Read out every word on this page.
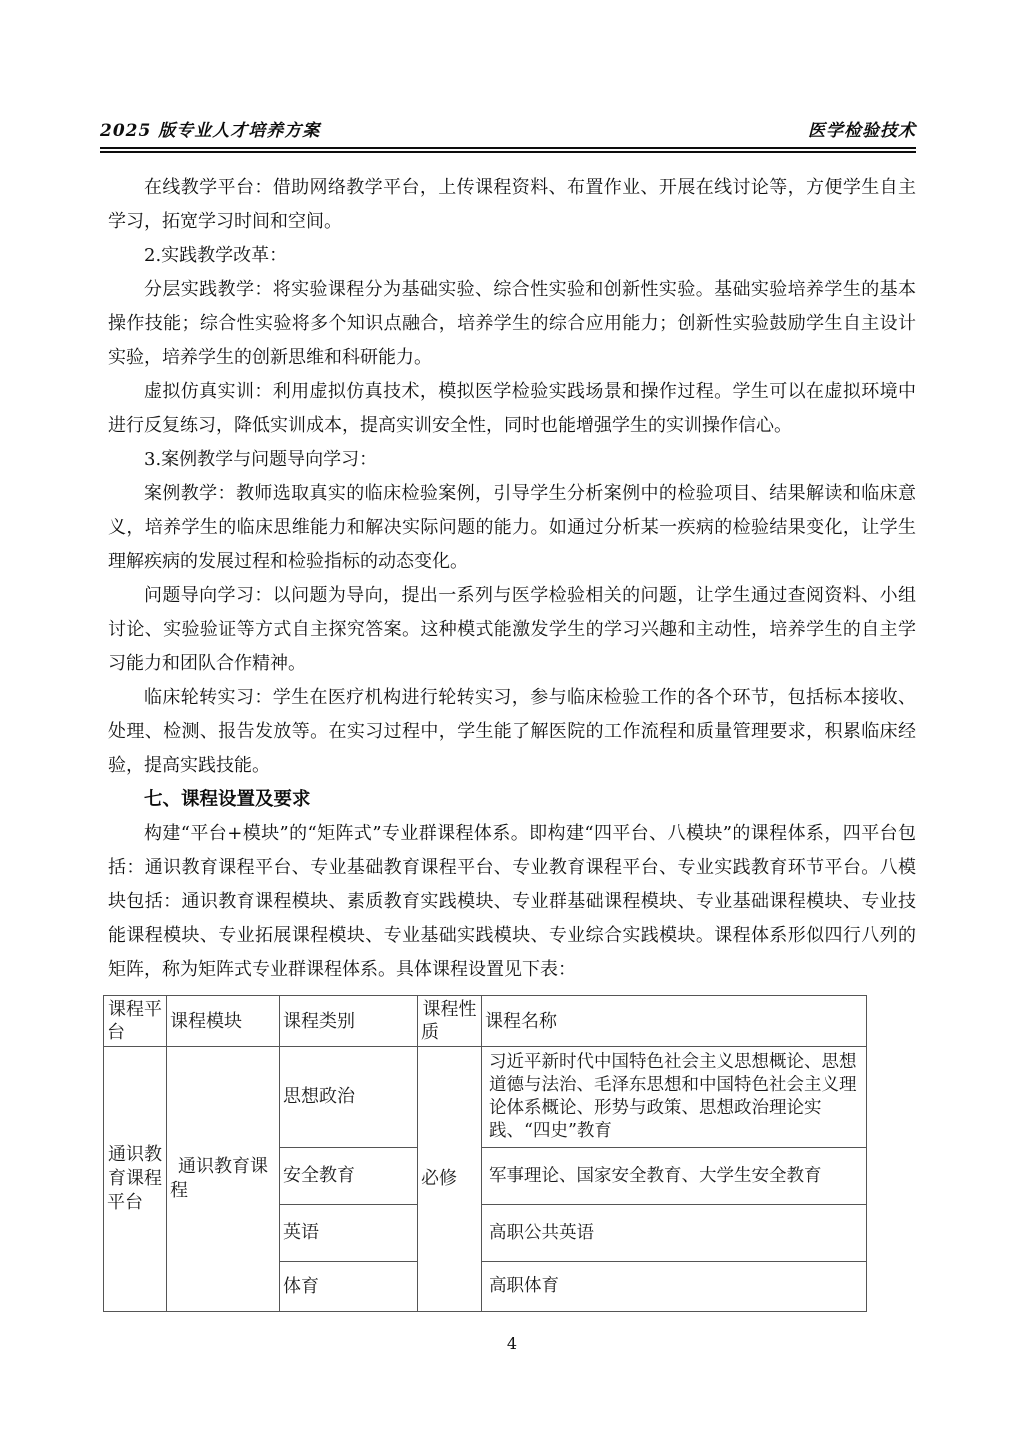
2025 版专业人才培养方案	医学检验技术

在线教学平台：借助网络教学平台，上传课程资料、布置作业、开展在线讨论等，方便学生自主学习，拓宽学习时间和空间。

2.实践教学改革：

分层实践教学：将实验课程分为基础实验、综合性实验和创新性实验。基础实验培养学生的基本操作技能；综合性实验将多个知识点融合，培养学生的综合应用能力；创新性实验鼓励学生自主设计实验，培养学生的创新思维和科研能力。

虚拟仿真实训：利用虚拟仿真技术，模拟医学检验实践场景和操作过程。学生可以在虚拟环境中进行反复练习，降低实训成本，提高实训安全性，同时也能增强学生的实训操作信心。

3.案例教学与问题导向学习：

案例教学：教师选取真实的临床检验案例，引导学生分析案例中的检验项目、结果解读和临床意义，培养学生的临床思维能力和解决实际问题的能力。如通过分析某一疾病的检验结果变化，让学生理解疾病的发展过程和检验指标的动态变化。

问题导向学习：以问题为导向，提出一系列与医学检验相关的问题，让学生通过查阅资料、小组讨论、实验验证等方式自主探究答案。这种模式能激发学生的学习兴趣和主动性，培养学生的自主学习能力和团队合作精神。

临床轮转实习：学生在医疗机构进行轮转实习，参与临床检验工作的各个环节，包括标本接收、处理、检测、报告发放等。在实习过程中，学生能了解医院的工作流程和质量管理要求，积累临床经验，提高实践技能。

七、课程设置及要求

构建“平台+模块”的“矩阵式”专业群课程体系。即构建“四平台、八模块”的课程体系，四平台包括：通识教育课程平台、专业基础教育课程平台、专业教育课程平台、专业实践教育环节平台。八模块包括：通识教育课程模块、素质教育实践模块、专业群基础课程模块、专业基础课程模块、专业技能课程模块、专业拓展课程模块、专业基础实践模块、专业综合实践模块。课程体系形似四行八列的矩阵，称为矩阵式专业群课程体系。具体课程设置见下表：

课程平台	课程模块	课程类别	课程性质	课程名称
通识教育课程平台	通识教育课程	思想政治	必修	习近平新时代中国特色社会主义思想概论、思想道德与法治、毛泽东思想和中国特色社会主义理论体系概论、形势与政策、思想政治理论实践、“四史”教育
		安全教育		军事理论、国家安全教育、大学生安全教育
		英语		高职公共英语
		体育		高职体育
4
